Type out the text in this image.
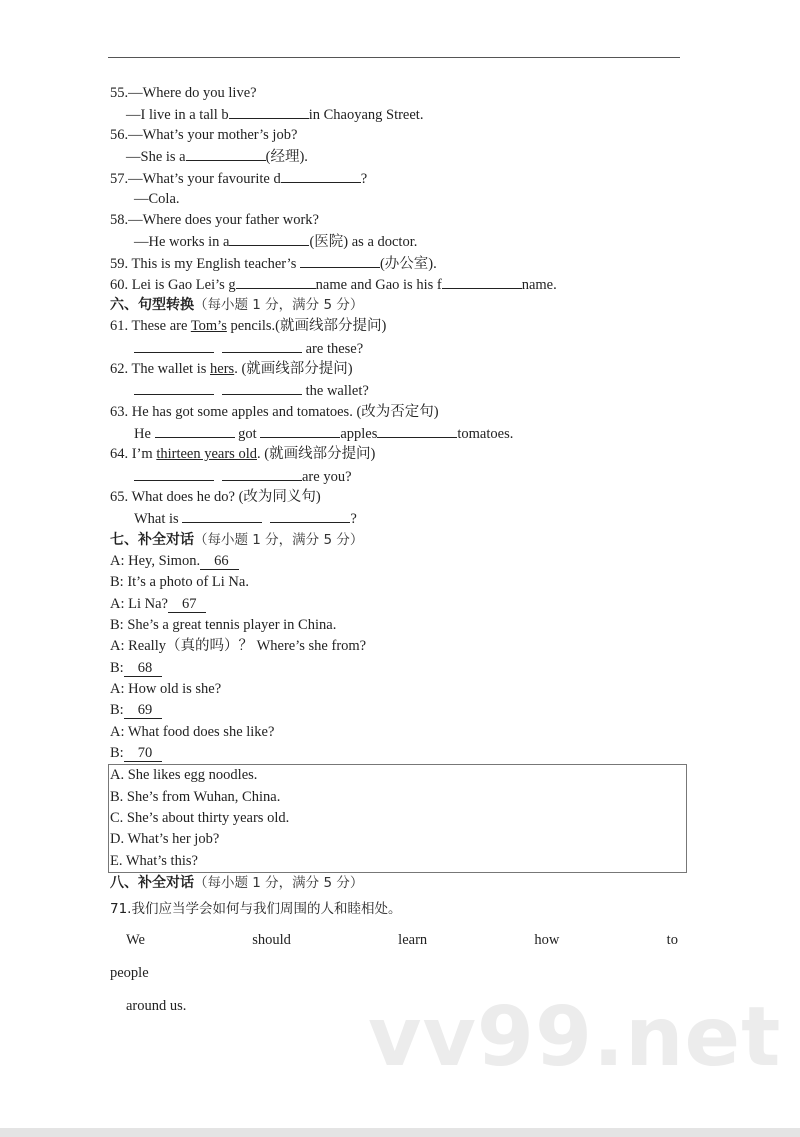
55.—Where do you live?
—I live in a tall b	in Chaoyang Street.
56.—What’s your mother’s job?
—She is a	(经理).
57.—What’s your favourite d	?
—Cola.
58.—Where does your father work?
—He works in a	(医院) as a doctor.
59. This is my English teacher’s	(办公室).
60. Lei is Gao Lei’s g	name and Gao is his f	name.
六、句型转换（每小题 1 分，满分 5 分）
61. These are Tom’s pencils.(就画线部分提问)
are these?
62. The wallet is hers. (就画线部分提问)
the wallet?
63. He has got some apples and tomatoes. (改为否定句)
He	got	apples	tomatoes.
64. I’m thirteen years old. (就画线部分提问)
are you?
65. What does he do? (改为同义句)
What is	?
七、补全对话（每小题 1 分，满分 5 分）
A: Hey, Simon. 66
B: It’s a photo of Li Na.
A: Li Na? 67
B: She’s a great tennis player in China.
A: Really（真的吗）？ Where’s she from?
B: 68
A: How old is she?
B: 69
A: What food does she like?
B: 70
A. She likes egg noodles.
B. She’s from Wuhan, China.
C. She’s about thirty years old.
D. What’s her job?
E. What’s this?
八、补全对话（每小题 1 分，满分 5 分）
71.我们应当学会如何与我们周围的人和睦相处。
We	should	learn	how	to
people
around us. vv99.net
